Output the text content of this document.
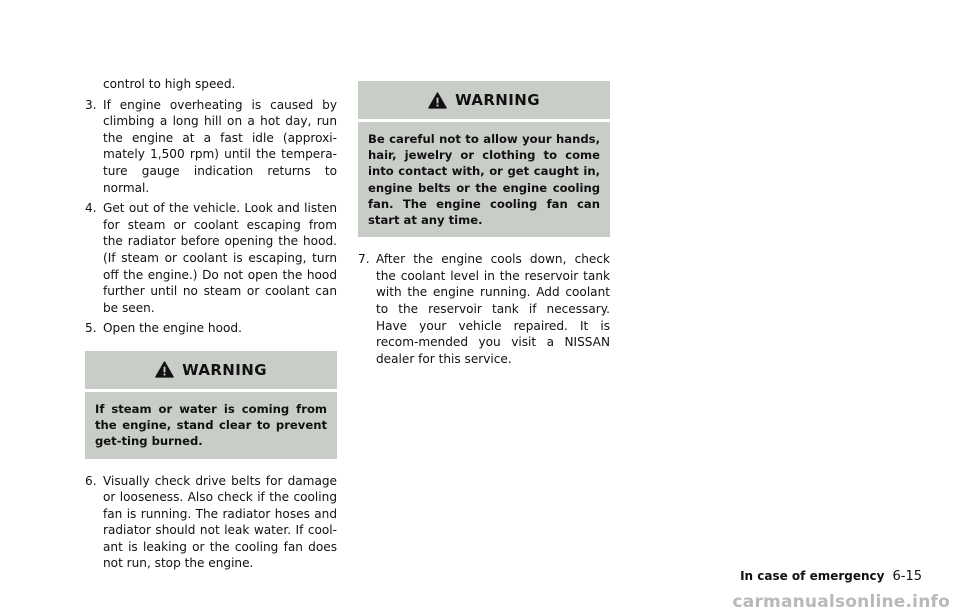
control to high speed.

3. If engine overheating is caused by climbing a long hill on a hot day, run the engine at a fast idle (approxi-mately 1,500 rpm) until the tempera-ture gauge indication returns to normal.
4. Get out of the vehicle. Look and listen for steam or coolant escaping from the radiator before opening the hood. (If steam or coolant is escaping, turn off the engine.) Do not open the hood further until no steam or coolant can be seen.
5. Open the engine hood.
WARNING
If steam or water is coming from the engine, stand clear to prevent get-ting burned.
6. Visually check drive belts for damage or looseness. Also check if the cooling fan is running. The radiator hoses and radiator should not leak water. If cool-ant is leaking or the cooling fan does not run, stop the engine.
WARNING
Be careful not to allow your hands, hair, jewelry or clothing to come into contact with, or get caught in, engine belts or the engine cooling fan. The engine cooling fan can start at any time.
7. After the engine cools down, check the coolant level in the reservoir tank with the engine running. Add coolant to the reservoir tank if necessary. Have your vehicle repaired. It is recom-mended you visit a NISSAN dealer for this service.
In case of emergency 6-15
carmanualsonline.info
